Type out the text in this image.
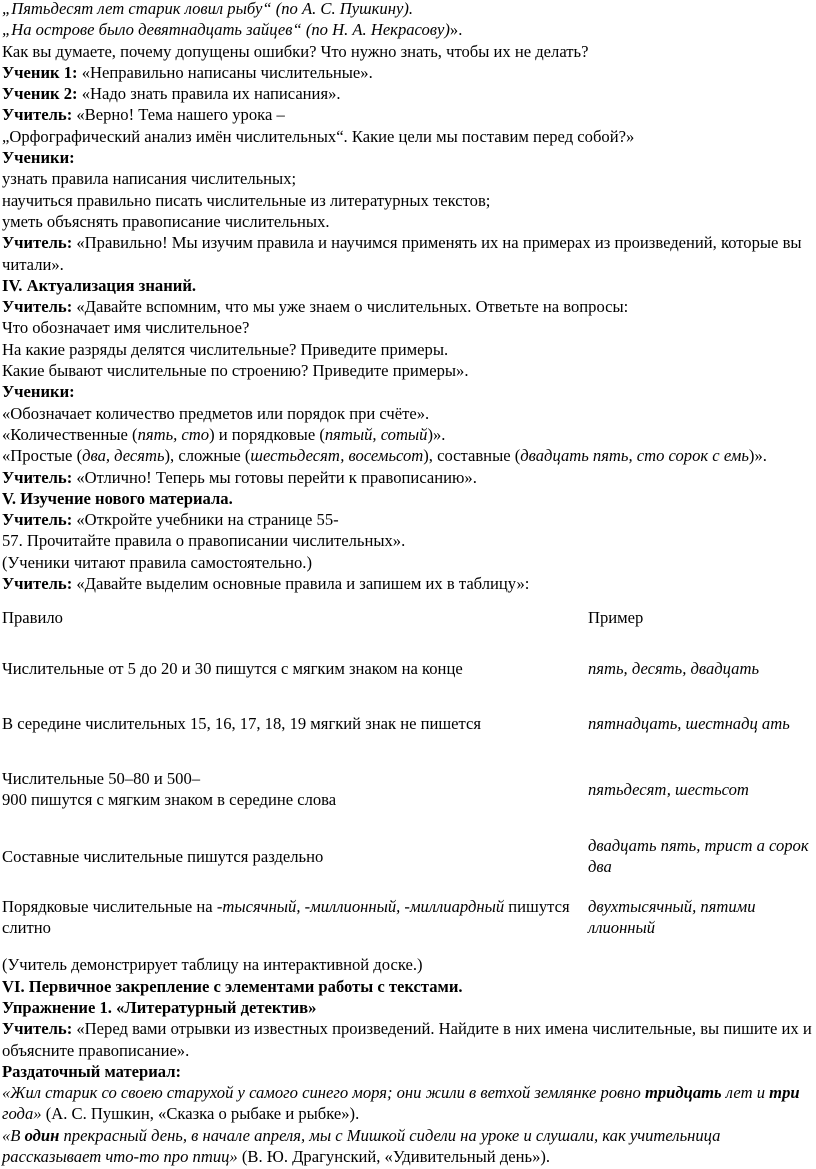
„Пятьдесят лет старик ловил рыбу“ (по А. С. Пушкину).
„На острове было девятнадцать зайцев“ (по Н. А. Некрасову)».
Как вы думаете, почему допущены ошибки? Что нужно знать, чтобы их не делать?
Ученик 1: «Неправильно написаны числительные».
Ученик 2: «Надо знать правила их написания».
Учитель: «Верно! Тема нашего урока –
„Орфографический анализ имён числительных“. Какие цели мы поставим перед собой?»
Ученики:
узнать правила написания числительных;
научиться правильно писать числительные из литературных текстов;
уметь объяснять правописание числительных.
Учитель: «Правильно! Мы изучим правила и научимся применять их на примерах из произведений, которые вы читали».
IV. Актуализация знаний.
Учитель: «Давайте вспомним, что мы уже знаем о числительных. Ответьте на вопросы:
Что обозначает имя числительное?
На какие разряды делятся числительные? Приведите примеры.
Какие бывают числительные по строению? Приведите примеры».
Ученики:
«Обозначает количество предметов или порядок при счёте».
«Количественные (пять, сто) и порядковые (пятый, сотый)».
«Простые (два, десять), сложные (шестьдесят, восемьсот), составные (двадцать пять, сто сорок с емь)».
Учитель: «Отлично! Теперь мы готовы перейти к правописанию».
V. Изучение нового материала.
Учитель: «Откройте учебники на странице 55-
57. Прочитайте правила о правописании числительных».
(Ученики читают правила самостоятельно.)
Учитель: «Давайте выделим основные правила и запишем их в таблицу»:
Правило	Пример
Числительные от 5 до 20 и 30 пишутся с мягким знаком на конце	пять, десять, двадцать
В середине числительных 15, 16, 17, 18, 19 мягкий знак не пишется	пятнадцать, шестнадц ать

Числительные 50–80 и 500–
900 пишутся с мягким знаком в середине слова	пятьдесят, шестьсот
Составные числительные пишутся раздельно	двадцать пять, трист а сорок два
Порядковые числительные на -тысячный, -миллионный, -миллиардный пишутся слитно	двухтысячный, пятими ллионный
(Учитель демонстрирует таблицу на интерактивной доске.)
VI. Первичное закрепление с элементами работы с текстами.
Упражнение 1. «Литературный детектив»
Учитель: «Перед вами отрывки из известных произведений. Найдите в них имена числительные, вы пишите их и объясните правописание».
Раздаточный материал:
«Жил старик со своею старухой у самого синего моря; они жили в ветхой землянке ровно тридцать лет и три года» (А. С. Пушкин, «Сказка о рыбаке и рыбке»).
«В один прекрасный день, в начале апреля, мы с Мишкой сидели на уроке и слушали, как учительница рассказывает что-то про птиц» (В. Ю. Драгунский, «Удивительный день»).
